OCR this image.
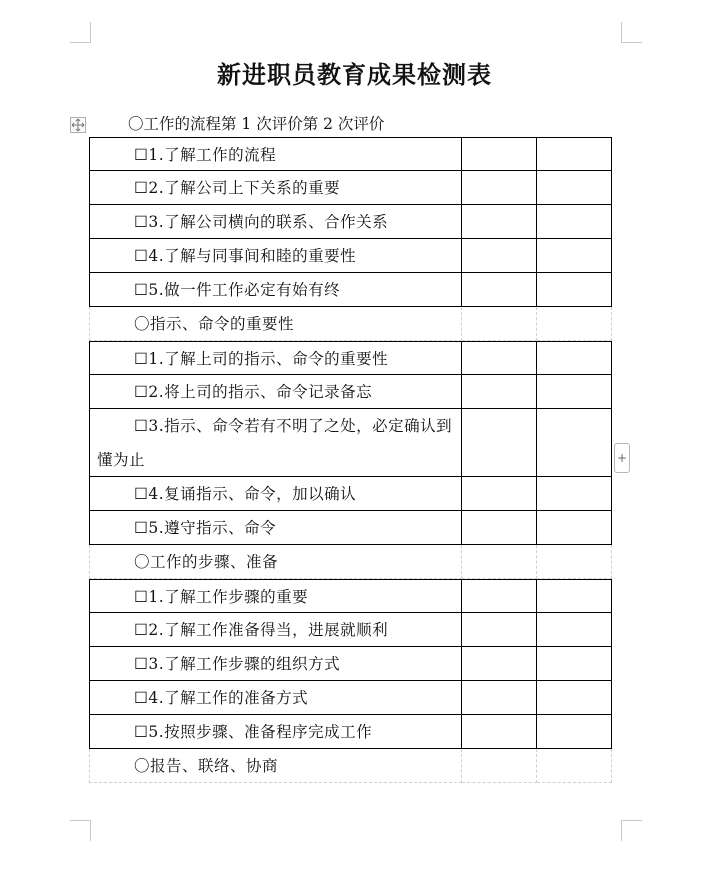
新进职员教育成果检测表
〇工作的流程第 1 次评价第 2 次评价
☐1.了解工作的流程
☐2.了解公司上下关系的重要
☐3.了解公司横向的联系、合作关系
☐4.了解与同事间和睦的重要性
☐5.做一件工作必定有始有终
〇指示、命令的重要性
☐1.了解上司的指示、命令的重要性
☐2.将上司的指示、命令记录备忘
☐3.指示、命令若有不明了之处，必定确认到懂为止
☐4.复诵指示、命令，加以确认
☐5.遵守指示、命令
〇工作的步骤、准备
☐1.了解工作步骤的重要
☐2.了解工作准备得当，进展就顺利
☐3.了解工作步骤的组织方式
☐4.了解工作的准备方式
☐5.按照步骤、准备程序完成工作
〇报告、联络、协商
+
